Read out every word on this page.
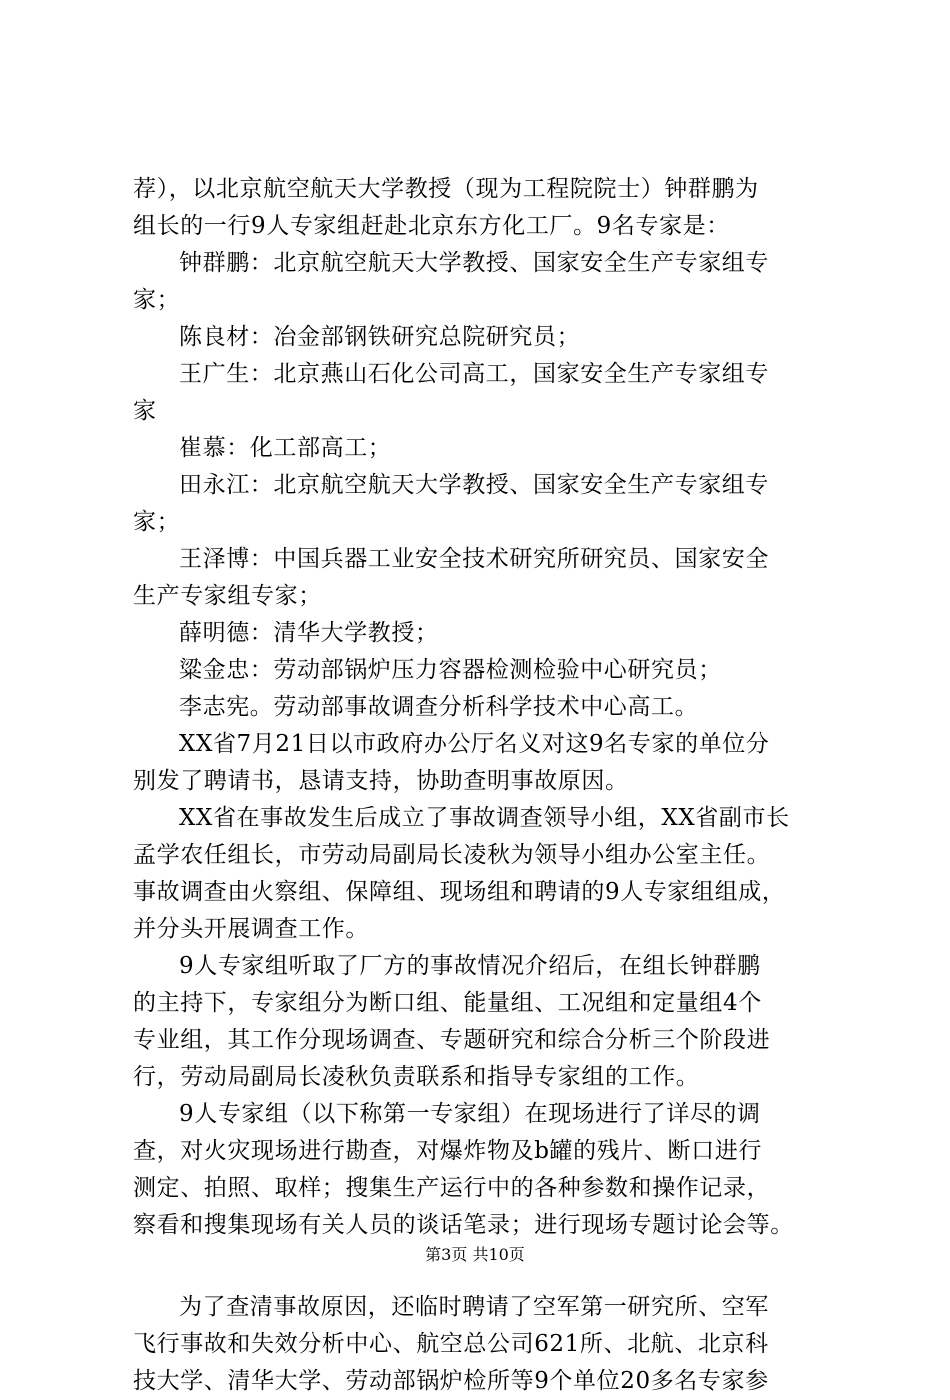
荐），以北京航空航天大学教授（现为工程院院士）钟群鹏为
组长的一行9人专家组赶赴北京东方化工厂。9名专家是：
钟群鹏：北京航空航天大学教授、国家安全生产专家组专
家；
陈良材：冶金部钢铁研究总院研究员；
王广生：北京燕山石化公司高工，国家安全生产专家组专
家
崔慕：化工部高工；
田永江：北京航空航天大学教授、国家安全生产专家组专
家；
王泽博：中国兵器工业安全技术研究所研究员、国家安全
生产专家组专家；
薛明德：清华大学教授；
粱金忠：劳动部锅炉压力容器检测检验中心研究员；
李志宪。劳动部事故调查分析科学技术中心高工。
XX省7月21日以市政府办公厅名义对这9名专家的单位分
别发了聘请书，恳请支持，协助查明事故原因。
XX省在事故发生后成立了事故调查领导小组，XX省副市长
孟学农任组长，市劳动局副局长凌秋为领导小组办公室主任。
事故调查由火察组、保障组、现场组和聘请的9人专家组组成，
并分头开展调查工作。
9人专家组听取了厂方的事故情况介绍后，在组长钟群鹏
的主持下，专家组分为断口组、能量组、工况组和定量组4个
专业组，其工作分现场调查、专题研究和综合分析三个阶段进
行，劳动局副局长凌秋负责联系和指导专家组的工作。
9人专家组（以下称第一专家组）在现场进行了详尽的调
查，对火灾现场进行勘查，对爆炸物及b罐的残片、断口进行
测定、拍照、取样；搜集生产运行中的各种参数和操作记录，
察看和搜集现场有关人员的谈话笔录；进行现场专题讨论会等。
为了查清事故原因，还临时聘请了空军第一研究所、空军
飞行事故和失效分析中心、航空总公司621所、北航、北京科
技大学、清华大学、劳动部锅炉检所等9个单位20多名专家参
第3页 共10页
